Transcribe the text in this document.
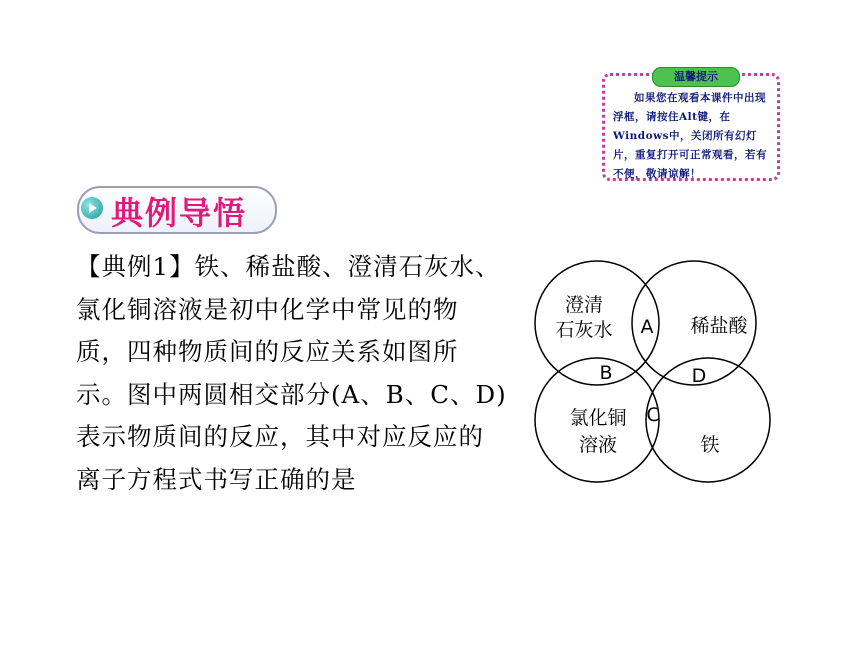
温馨提示
如果您在观看本课件中出现浮框，请按住Alt键，在Windows中，关闭所有幻灯片，重复打开可正常观看，若有不便，敬请谅解！
典例导悟
【典例1】铁、稀盐酸、澄清石灰水、氯化铜溶液是初中化学中常见的物质，四种物质间的反应关系如图所示。图中两圆相交部分(A、B、C、D)表示物质间的反应，其中对应反应的离子方程式书写正确的是
澄清
石灰水	稀盐酸
氯化铜
溶液	铁
A
B
C
D
